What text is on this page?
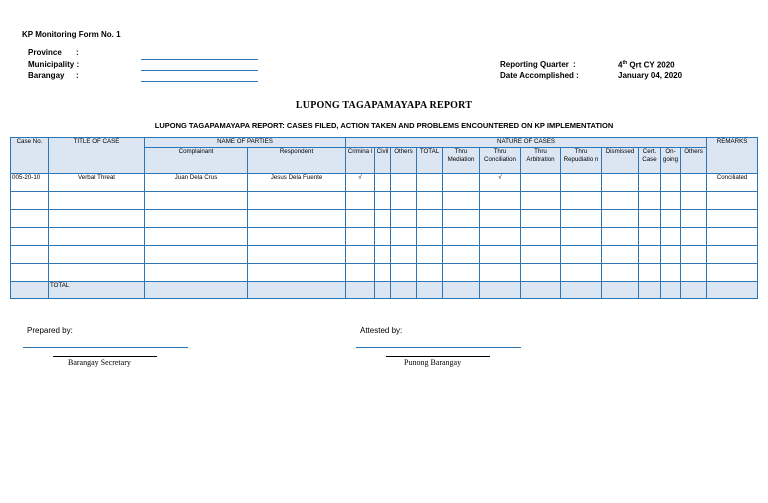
KP Monitoring Form No. 1
Province :
Municipality :
Barangay :
Reporting Quarter :	4th Qrt CY 2020
Date Accomplished :	January 04, 2020
LUPONG TAGAPAMAYAPA REPORT
LUPONG TAGAPAMAYAPA REPORT: CASES FILED, ACTION TAKEN AND PROBLEMS ENCOUNTERED ON KP IMPLEMENTATION
Case No.	TITLE OF CASE	NAME OF PARTIES		NATURE OF CASES												REMARKS
		Complainant	Respondent	Crimina l	Civil	Others	TOTAL	Thru Mediation	Thru Conciliation	Thru Arbitration	Thru Repudiatio n	Dismissed	Cert. Case	On- going	Others	
005-20-10	Verbal Threat	Juan Dela Crus	Jesus Dela Fuente	√					√							Conciliated

	TOTAL															
Prepared by:
Barangay Secretary
Attested by:
Punong Barangay
